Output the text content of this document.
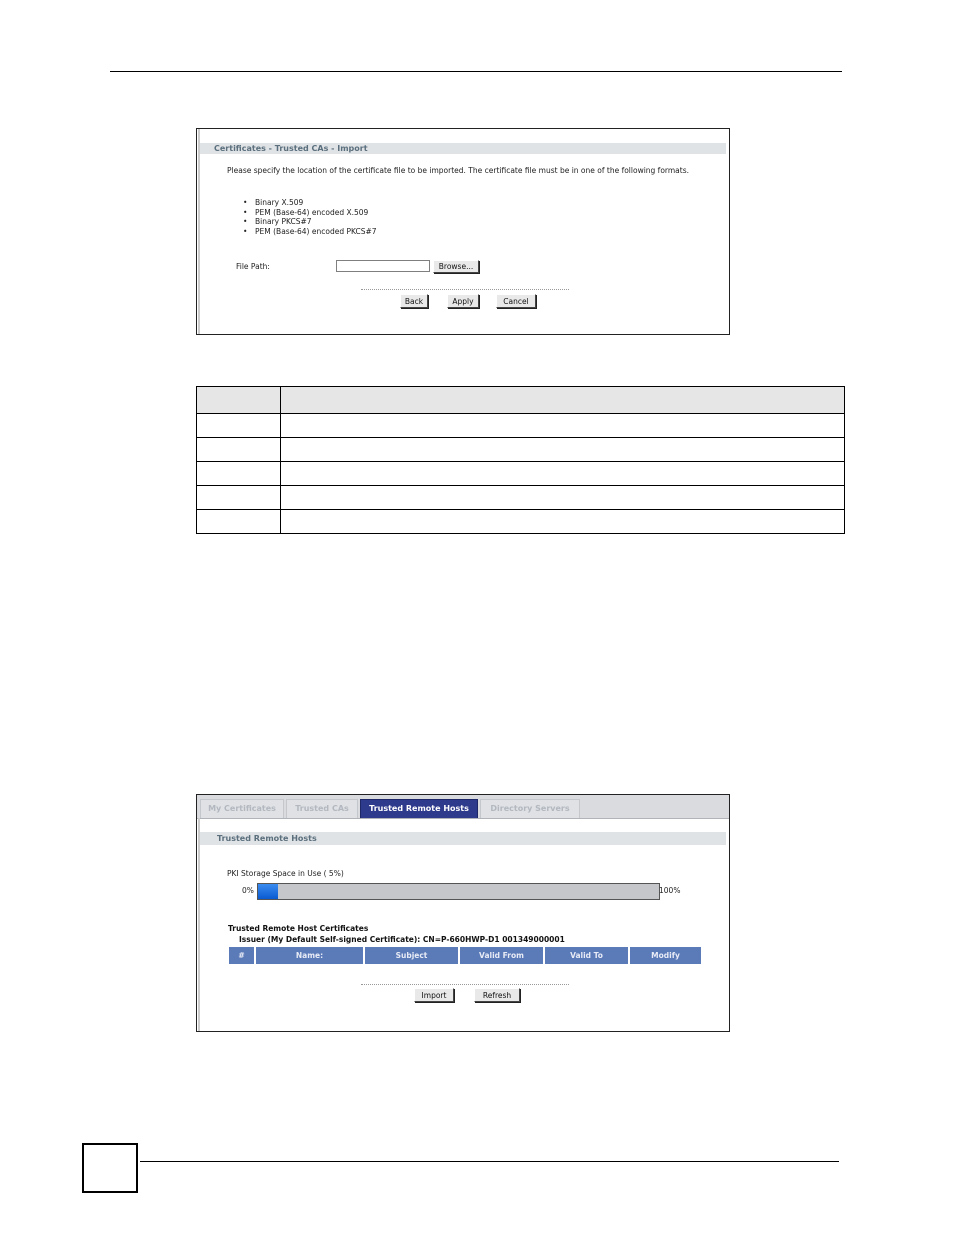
Certificates - Trusted CAs - Import
Please specify the location of the certificate file to be imported. The certificate file must be in one of the following formats.
• Binary X.509
• PEM (Base-64) encoded X.509
• Binary PKCS#7
• PEM (Base-64) encoded PKCS#7
File Path:	Browse...
Back	Apply	Cancel

My Certificates	Trusted CAs	Trusted Remote Hosts	Directory Servers
Trusted Remote Hosts
PKI Storage Space in Use ( 5%)
0%	100%
Trusted Remote Host Certificates
Issuer (My Default Self-signed Certificate): CN=P-660HWP-D1 001349000001
#	Name:	Subject	Valid From	Valid To	Modify
Import	Refresh
